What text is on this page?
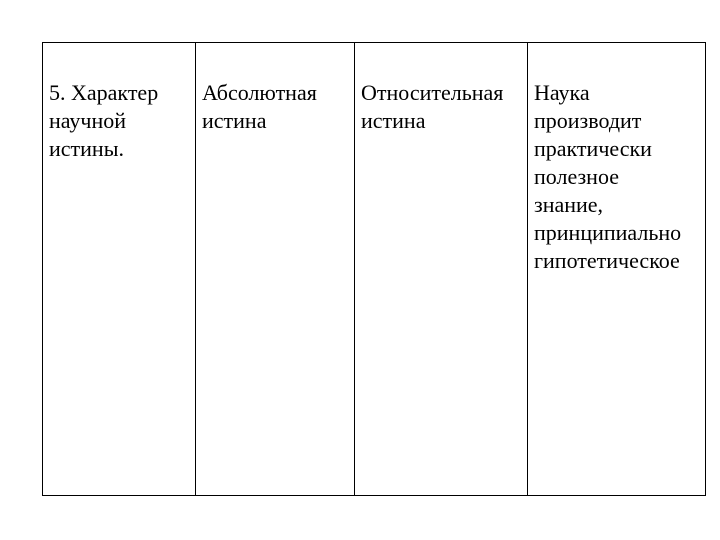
5. Характер
научной
истины.

Абсолютная
истина

Относительная
истина

Наука
производит
практически
полезное
знание,
принципиально
гипотетическое
